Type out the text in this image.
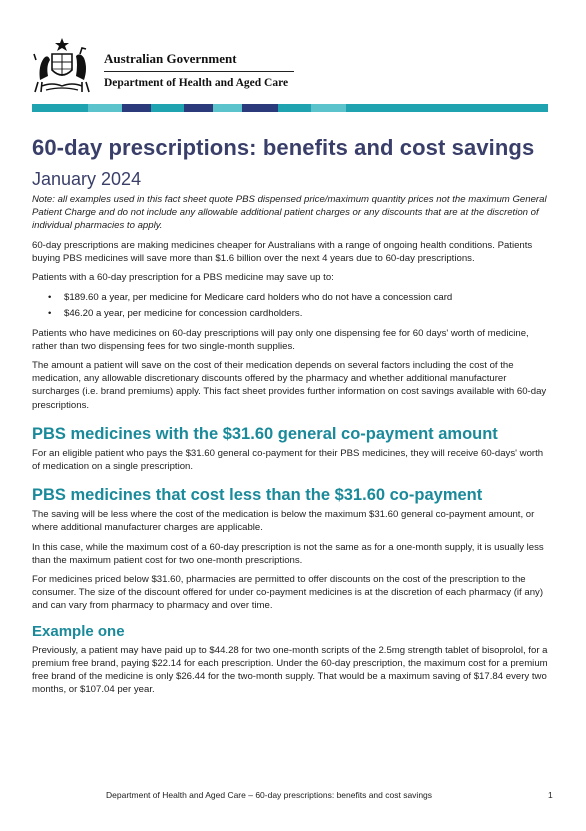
Australian Government
Department of Health and Aged Care
60-day prescriptions: benefits and cost savings
January 2024

Note: all examples used in this fact sheet quote PBS dispensed price/maximum quantity prices not the maximum General Patient Charge and do not include any allowable additional patient charges or any discounts that are at the discretion of individual pharmacies to apply.

60-day prescriptions are making medicines cheaper for Australians with a range of ongoing health conditions. Patients buying PBS medicines will save more than $1.6 billion over the next 4 years due to 60-day prescriptions.

Patients with a 60-day prescription for a PBS medicine may save up to:

• $189.60 a year, per medicine for Medicare card holders who do not have a concession card
• $46.20 a year, per medicine for concession cardholders.

Patients who have medicines on 60-day prescriptions will pay only one dispensing fee for 60 days' worth of medicine, rather than two dispensing fees for two single-month supplies.

The amount a patient will save on the cost of their medication depends on several factors including the cost of the medication, any allowable discretionary discounts offered by the pharmacy and whether additional manufacturer surcharges (i.e. brand premiums) apply. This fact sheet provides further information on cost savings available with 60-day prescriptions.

PBS medicines with the $31.60 general co-payment amount

For an eligible patient who pays the $31.60 general co-payment for their PBS medicines, they will receive 60-days' worth of medication on a single prescription.

PBS medicines that cost less than the $31.60 co-payment

The saving will be less where the cost of the medication is below the maximum $31.60 general co-payment amount, or where additional manufacturer charges are applicable.

In this case, while the maximum cost of a 60-day prescription is not the same as for a one-month supply, it is usually less than the maximum patient cost for two one-month prescriptions.

For medicines priced below $31.60, pharmacies are permitted to offer discounts on the cost of the prescription to the consumer. The size of the discount offered for under co-payment medicines is at the discretion of each pharmacy (if any) and can vary from pharmacy to pharmacy and over time.

Example one

Previously, a patient may have paid up to $44.28 for two one-month scripts of the 2.5mg strength tablet of bisoprolol, for a premium free brand, paying $22.14 for each prescription. Under the 60-day prescription, the maximum cost for a premium free brand of the medicine is only $26.44 for the two-month supply. That would be a maximum saving of $17.84 every two months, or $107.04 per year.

Department of Health and Aged Care – 60-day prescriptions: benefits and cost savings	1
